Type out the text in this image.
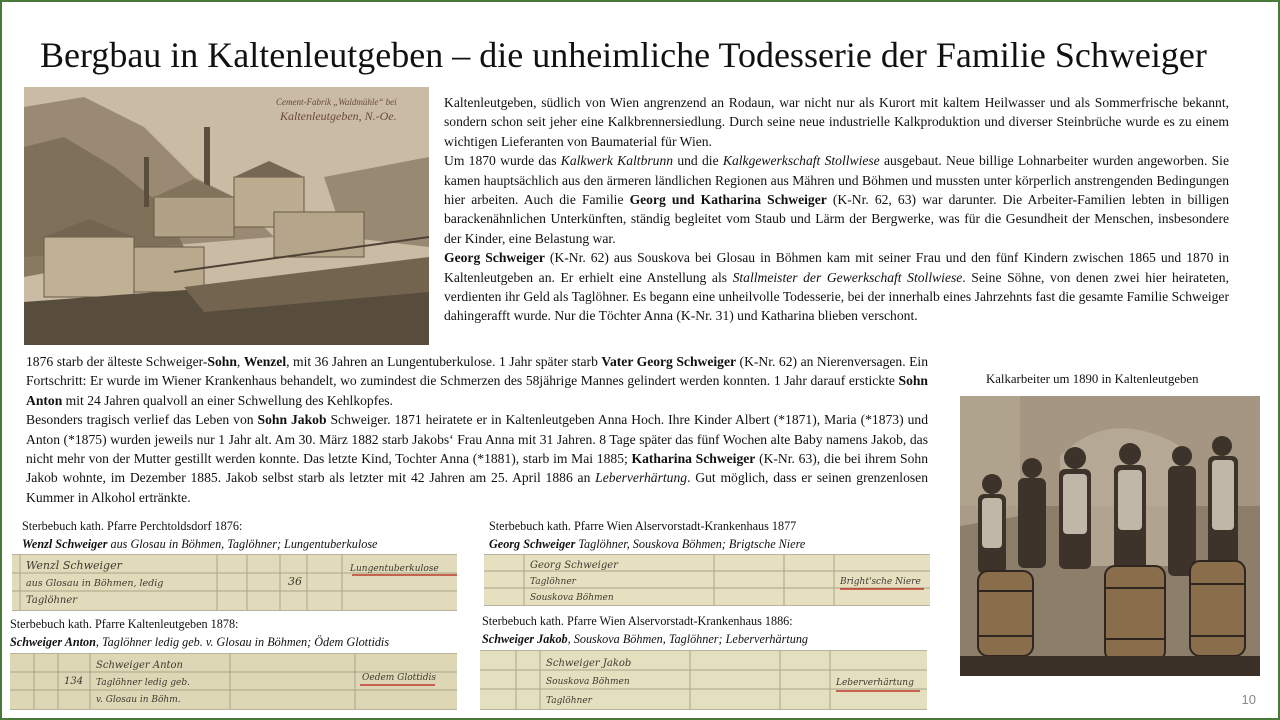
Bergbau in Kaltenleutgeben – die unheimliche Todesserie der Familie Schweiger
Cement-Fabrik „Waldmühle“ bei
Kaltenleutgeben, N.-Oe.

Kaltenleutgeben, südlich von Wien angrenzend an Rodaun, war nicht nur als Kurort mit kaltem Heilwasser und als Sommerfrische bekannt, sondern schon seit jeher eine Kalkbrennersiedlung. Durch seine neue industrielle Kalkproduktion und diverser Steinbrüche wurde es zu einem wichtigen Lieferanten von Baumaterial für Wien.

Um 1870 wurde das Kalkwerk Kaltbrunn und die Kalkgewerkschaft Stollwiese ausgebaut. Neue billige Lohnarbeiter wurden angeworben. Sie kamen hauptsächlich aus den ärmeren ländlichen Regionen aus Mähren und Böhmen und mussten unter körperlich anstrengenden Bedingungen hier arbeiten. Auch die Familie Georg und Katharina Schweiger (K-Nr. 62, 63) war darunter. Die Arbeiter-Familien lebten in billigen barackenähnlichen Unterkünften, ständig begleitet vom Staub und Lärm der Bergwerke, was für die Gesundheit der Menschen, insbesondere der Kinder, eine Belastung war.

Georg Schweiger (K-Nr. 62) aus Souskova bei Glosau in Böhmen kam mit seiner Frau und den fünf Kindern zwischen 1865 und 1870 in Kaltenleutgeben an. Er erhielt eine Anstellung als Stallmeister der Gewerkschaft Stollwiese. Seine Söhne, von denen zwei hier heirateten, verdienten ihr Geld als Taglöhner. Es begann eine unheilvolle Todesserie, bei der innerhalb eines Jahrzehnts fast die gesamte Familie Schweiger dahingerafft wurde. Nur die Töchter Anna (K-Nr. 31) und Katharina blieben verschont.

1876 starb der älteste Schweiger-Sohn, Wenzel, mit 36 Jahren an Lungentuberkulose. 1 Jahr später starb Vater Georg Schweiger (K-Nr. 62) an Nierenversagen. Ein Fortschritt: Er wurde im Wiener Krankenhaus behandelt, wo zumindest die Schmerzen des 58jährige Mannes gelindert werden konnten. 1 Jahr darauf erstickte Sohn Anton mit 24 Jahren qualvoll an einer Schwellung des Kehlkopfes.

Besonders tragisch verlief das Leben von Sohn Jakob Schweiger. 1871 heiratete er in Kaltenleutgeben Anna Hoch. Ihre Kinder Albert (*1871), Maria (*1873) und Anton (*1875) wurden jeweils nur 1 Jahr alt. Am 30. März 1882 starb Jakobs‘ Frau Anna mit 31 Jahren. 8 Tage später das fünf Wochen alte Baby namens Jakob, das nicht mehr von der Mutter gestillt werden konnte. Das letzte Kind, Tochter Anna (*1881), starb im Mai 1885; Katharina Schweiger (K-Nr. 63), die bei ihrem Sohn Jakob wohnte, im Dezember 1885. Jakob selbst starb als letzter mit 42 Jahren am 25. April 1886 an Leberverhärtung. Gut möglich, dass er seinen grenzenlosen Kummer in Alkohol ertränkte.

Kalkarbeiter um 1890 in Kaltenleutgeben
Sterbebuch kath. Pfarre Perchtoldsdorf 1876:
Wenzl Schweiger aus Glosau in Böhmen, Taglöhner; Lungentuberkulose
Wenzl Schweiger
aus Glosau in Böhmen, ledig
Taglöhner
36
Lungentuberkulose
Sterbebuch kath. Pfarre Wien Alservorstadt-Krankenhaus 1877
Georg Schweiger Taglöhner, Souskova Böhmen; Brigtsche Niere
Georg Schweiger
Taglöhner
Souskova Böhmen
Bright'sche Niere
Sterbebuch kath. Pfarre Kaltenleutgeben 1878:
Schweiger Anton, Taglöhner ledig geb. v. Glosau in Böhmen; Ödem Glottidis
134
Schweiger Anton
Taglöhner ledig geb.
v. Glosau in Böhm.
Oedem Glottidis
Sterbebuch kath. Pfarre Wien Alservorstadt-Krankenhaus 1886:
Schweiger Jakob, Souskova Böhmen, Taglöhner; Leberverhärtung
Schweiger Jakob
Souskova Böhmen
Taglöhner
Leberverhärtung
10
